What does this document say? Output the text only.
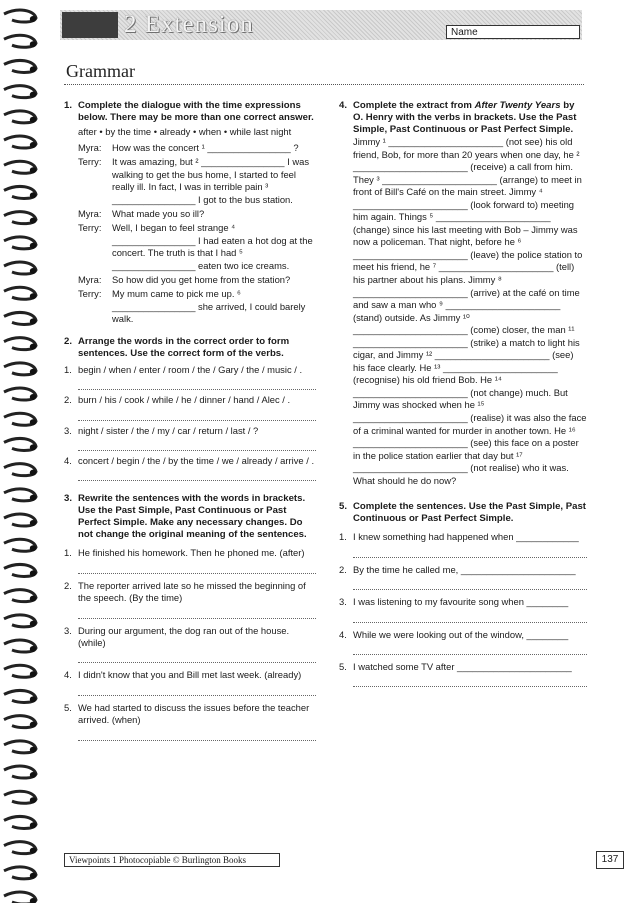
2 Extension	Name
Grammar
1. Complete the dialogue with the time expressions below. There may be more than one correct answer.
after • by the time • already • when • while last night
Myra:	How was the concert ¹ ________________ ?
Terry:	It was amazing, but ² ________________ I was walking to get the bus home, I started to feel really ill. In fact, I was in terrible pain ³ ________________ I got to the bus station.
Myra:	What made you so ill?
Terry:	Well, I began to feel strange ⁴ ________________ I had eaten a hot dog at the concert. The truth is that I had ⁵ ________________ eaten two ice creams.
Myra:	So how did you get home from the station?
Terry:	My mum came to pick me up. ⁶ ________________ she arrived, I could barely walk.
2. Arrange the words in the correct order to form sentences. Use the correct form of the verbs.
1. begin / when / enter / room / the / Gary / the / music / .
2. burn / his / cook / while / he / dinner / hand / Alec / .
3. night / sister / the / my / car / return / last / ?
4. concert / begin / the / by the time / we / already / arrive / .
3. Rewrite the sentences with the words in brackets. Use the Past Simple, Past Continuous or Past Perfect Simple. Make any necessary changes. Do not change the original meaning of the sentences.
1. He finished his homework. Then he phoned me. (after)
2. The reporter arrived late so he missed the beginning of the speech. (By the time)
3. During our argument, the dog ran out of the house. (while)
4. I didn't know that you and Bill met last week. (already)
5. We had started to discuss the issues before the teacher arrived. (when)
4. Complete the extract from After Twenty Years by O. Henry with the verbs in brackets. Use the Past Simple, Past Continuous or Past Perfect Simple.
Jimmy ¹ ______________________ (not see) his old friend, Bob, for more than 20 years when one day, he ² ______________________ (receive) a call from him. They ³ ______________________ (arrange) to meet in front of Bill's Café on the main street. Jimmy ⁴ ______________________ (look forward to) meeting him again. Things ⁵ ______________________ (change) since his last meeting with Bob – Jimmy was now a policeman. That night, before he ⁶ ______________________ (leave) the police station to meet his friend, he ⁷ ______________________ (tell) his partner about his plans. Jimmy ⁸ ______________________ (arrive) at the café on time and saw a man who ⁹ ______________________ (stand) outside. As Jimmy ¹⁰ ______________________ (come) closer, the man ¹¹ ______________________ (strike) a match to light his cigar, and Jimmy ¹² ______________________ (see) his face clearly. He ¹³ ______________________ (recognise) his old friend Bob. He ¹⁴ ______________________ (not change) much. But Jimmy was shocked when he ¹⁵ ______________________ (realise) it was also the face of a criminal wanted for murder in another town. He ¹⁶ ______________________ (see) this face on a poster in the police station earlier that day but ¹⁷ ______________________ (not realise) who it was. What should he do now?
5. Complete the sentences. Use the Past Simple, Past Continuous or Past Perfect Simple.
1. I knew something had happened when ____________
2. By the time he called me, ______________________
3. I was listening to my favourite song when ________
4. While we were looking out of the window, ________
5. I watched some TV after ______________________
Viewpoints 1 Photocopiable © Burlington Books	137
